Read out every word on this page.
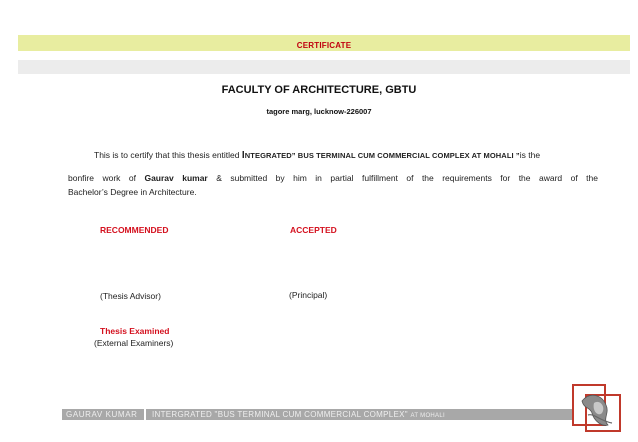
CERTIFICATE
FACULTY OF ARCHITECTURE, GBTU
tagore marg, lucknow-226007
This is to certify that this thesis entitled INTEGRATED” BUS TERMINAL CUM COMMERCIAL COMPLEX AT MOHALI ”is the
bonfire work of Gaurav kumar & submitted by him in partial fulfillment of the requirements for the award of the
Bachelor’s Degree in Architecture.
RECOMMENDED	ACCEPTED
(Thesis Advisor)	(Principal)
Thesis Examined
(External Examiners)
GAURAV KUMAR INTERGRATED "BUS TERMINAL CUM COMMERCIAL COMPLEX" AT MOHALI
